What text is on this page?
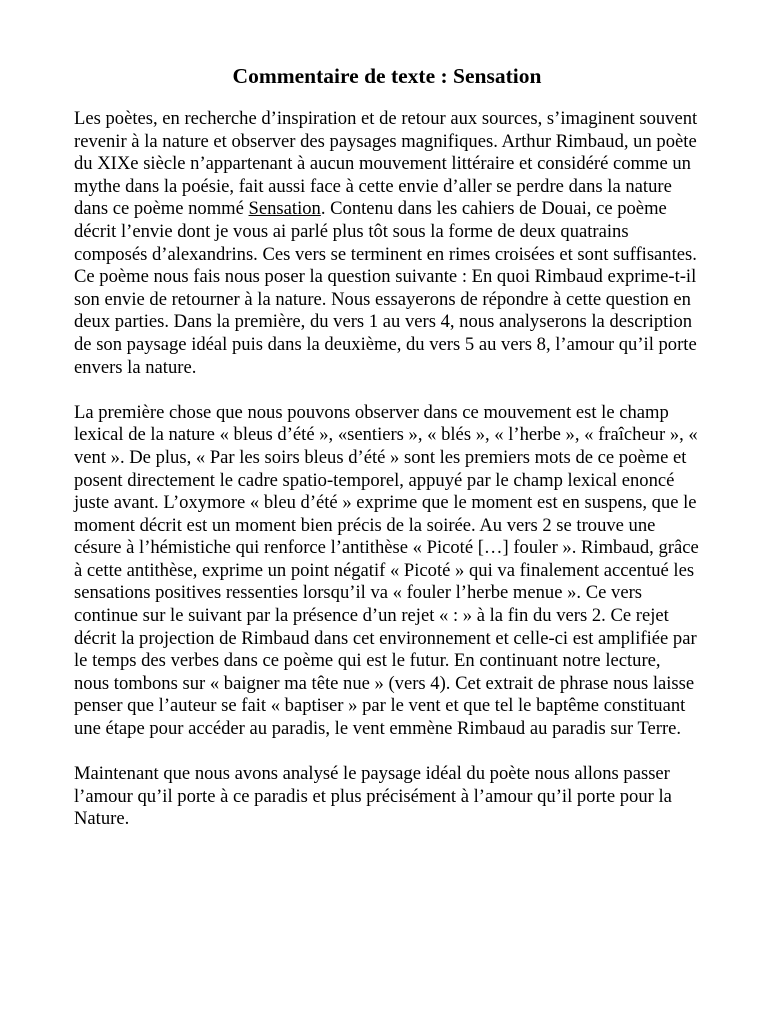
Commentaire de texte : Sensation

Les poètes, en recherche d’inspiration et de retour aux sources, s’imaginent souvent revenir à la nature et observer des paysages magnifiques. Arthur Rimbaud, un poète du XIXe siècle n’appartenant à aucun mouvement littéraire et considéré comme un mythe dans la poésie, fait aussi face à cette envie d’aller se perdre dans la nature dans ce poème nommé Sensation. Contenu dans les cahiers de Douai, ce poème décrit l’envie dont je vous ai parlé plus tôt sous la forme de deux quatrains composés d’alexandrins. Ces vers se terminent en rimes croisées et sont suffisantes. Ce poème nous fais nous poser la question suivante : En quoi Rimbaud exprime-t-il son envie de retourner à la nature. Nous essayerons de répondre à cette question en deux parties. Dans la première, du vers 1 au vers 4, nous analyserons la description de son paysage idéal puis dans la deuxième, du vers 5 au vers 8, l’amour qu’il porte envers la nature.

La première chose que nous pouvons observer dans ce mouvement est le champ lexical de la nature « bleus d’été », «sentiers », « blés », « l’herbe », « fraîcheur », « vent ». De plus, « Par les soirs bleus d’été » sont les premiers mots de ce poème et posent directement le cadre spatio-temporel, appuyé par le champ lexical enoncé juste avant. L’oxymore « bleu d’été » exprime que le moment est en suspens, que le moment décrit est un moment bien précis de la soirée. Au vers 2 se trouve une césure à l’hémistiche qui renforce l’antithèse « Picoté […] fouler ». Rimbaud, grâce à cette antithèse, exprime un point négatif « Picoté » qui va finalement accentué les sensations positives ressenties lorsqu’il va « fouler l’herbe menue ». Ce vers continue sur le suivant par la présence d’un rejet « : » à la fin du vers 2. Ce rejet décrit la projection de Rimbaud dans cet environnement et celle-ci est amplifiée par le temps des verbes dans ce poème qui est le futur. En continuant notre lecture, nous tombons sur « baigner ma tête nue » (vers 4). Cet extrait de phrase nous laisse penser que l’auteur se fait « baptiser » par le vent et que tel le baptême constituant une étape pour accéder au paradis, le vent emmène Rimbaud au paradis sur Terre.

Maintenant que nous avons analysé le paysage idéal du poète nous allons passer l’amour qu’il porte à ce paradis et plus précisément à l’amour qu’il porte pour la Nature.
